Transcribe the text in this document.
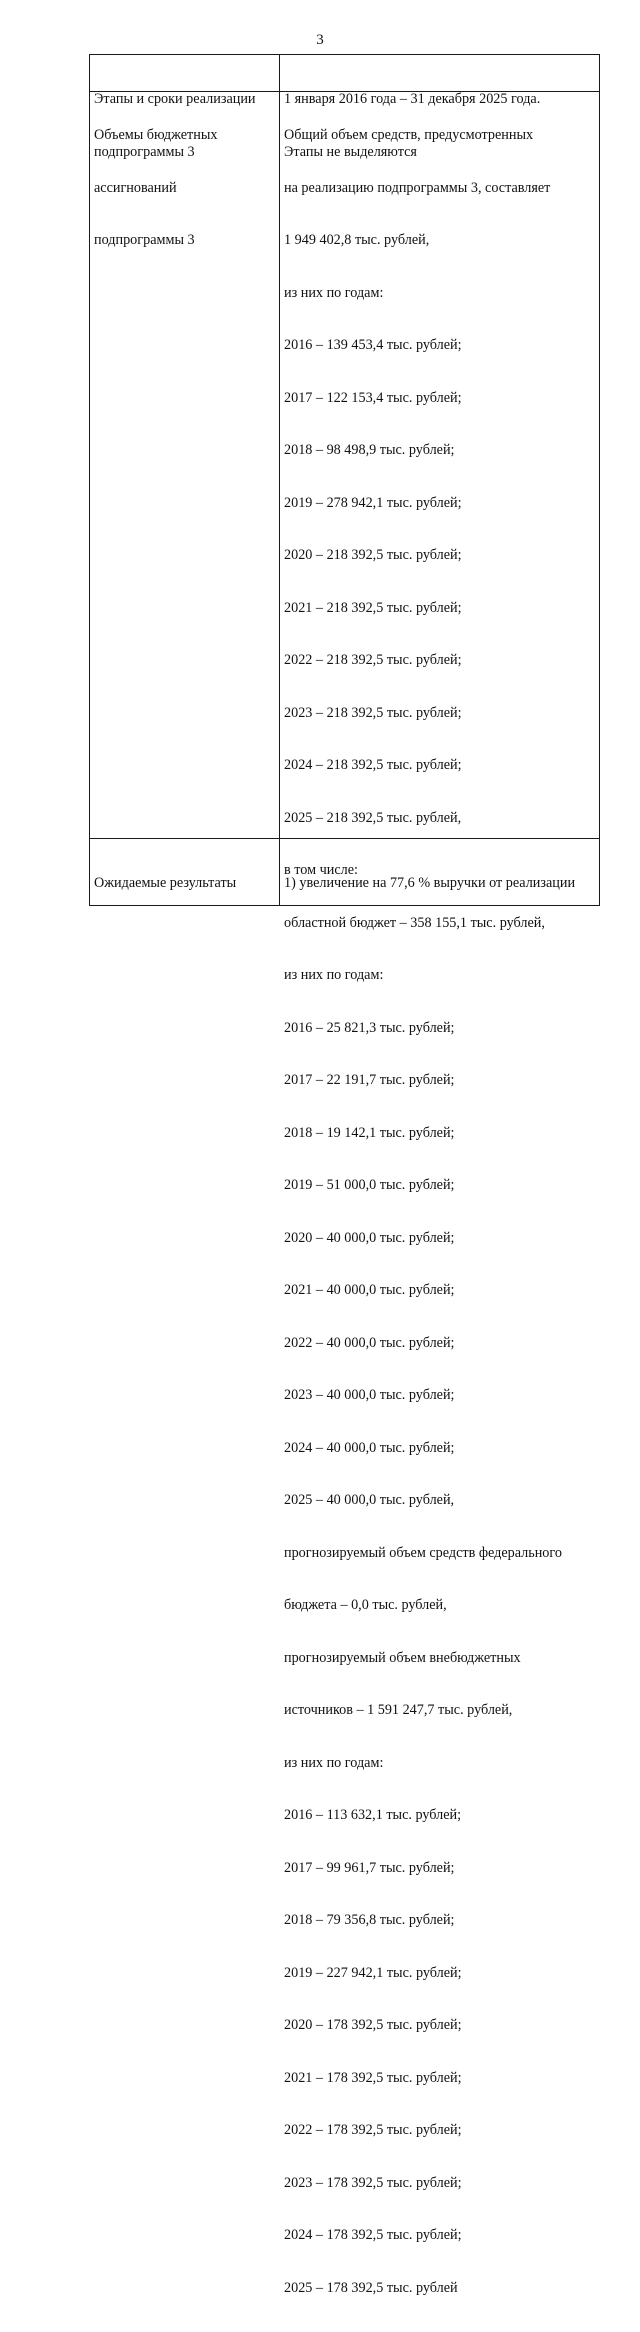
3

Этапы и сроки реализации

подпрограммы 3

1 января 2016 года – 31 декабря 2025 года.

Этапы не выделяются

Объемы бюджетных

ассигнований

подпрограммы 3

Общий объем средств, предусмотренных

на реализацию подпрограммы 3, составляет

1 949 402,8 тыс. рублей,

из них по годам:

2016 – 139 453,4 тыс. рублей;

2017 – 122 153,4 тыс. рублей;

2018 – 98 498,9 тыс. рублей;

2019 – 278 942,1 тыс. рублей;

2020 – 218 392,5 тыс. рублей;

2021 – 218 392,5 тыс. рублей;

2022 – 218 392,5 тыс. рублей;

2023 – 218 392,5 тыс. рублей;

2024 – 218 392,5 тыс. рублей;

2025 – 218 392,5 тыс. рублей,

в том числе:

областной бюджет – 358 155,1 тыс. рублей,

из них по годам:

2016 – 25 821,3 тыс. рублей;

2017 – 22 191,7 тыс. рублей;

2018 – 19 142,1 тыс. рублей;

2019 – 51 000,0 тыс. рублей;

2020 – 40 000,0 тыс. рублей;

2021 – 40 000,0 тыс. рублей;

2022 – 40 000,0 тыс. рублей;

2023 – 40 000,0 тыс. рублей;

2024 – 40 000,0 тыс. рублей;

2025 – 40 000,0 тыс. рублей,

прогнозируемый объем средств федерального

бюджета – 0,0 тыс. рублей,

прогнозируемый объем внебюджетных

источников – 1 591 247,7 тыс. рублей,

из них по годам:

2016 – 113 632,1 тыс. рублей;

2017 – 99 961,7 тыс. рублей;

2018 – 79 356,8 тыс. рублей;

2019 – 227 942,1 тыс. рублей;

2020 – 178 392,5 тыс. рублей;

2021 – 178 392,5 тыс. рублей;

2022 – 178 392,5 тыс. рублей;

2023 – 178 392,5 тыс. рублей;

2024 – 178 392,5 тыс. рублей;

2025 – 178 392,5 тыс. рублей

Ожидаемые результаты

	1) увеличение на 77,6 % выручки от реализации
